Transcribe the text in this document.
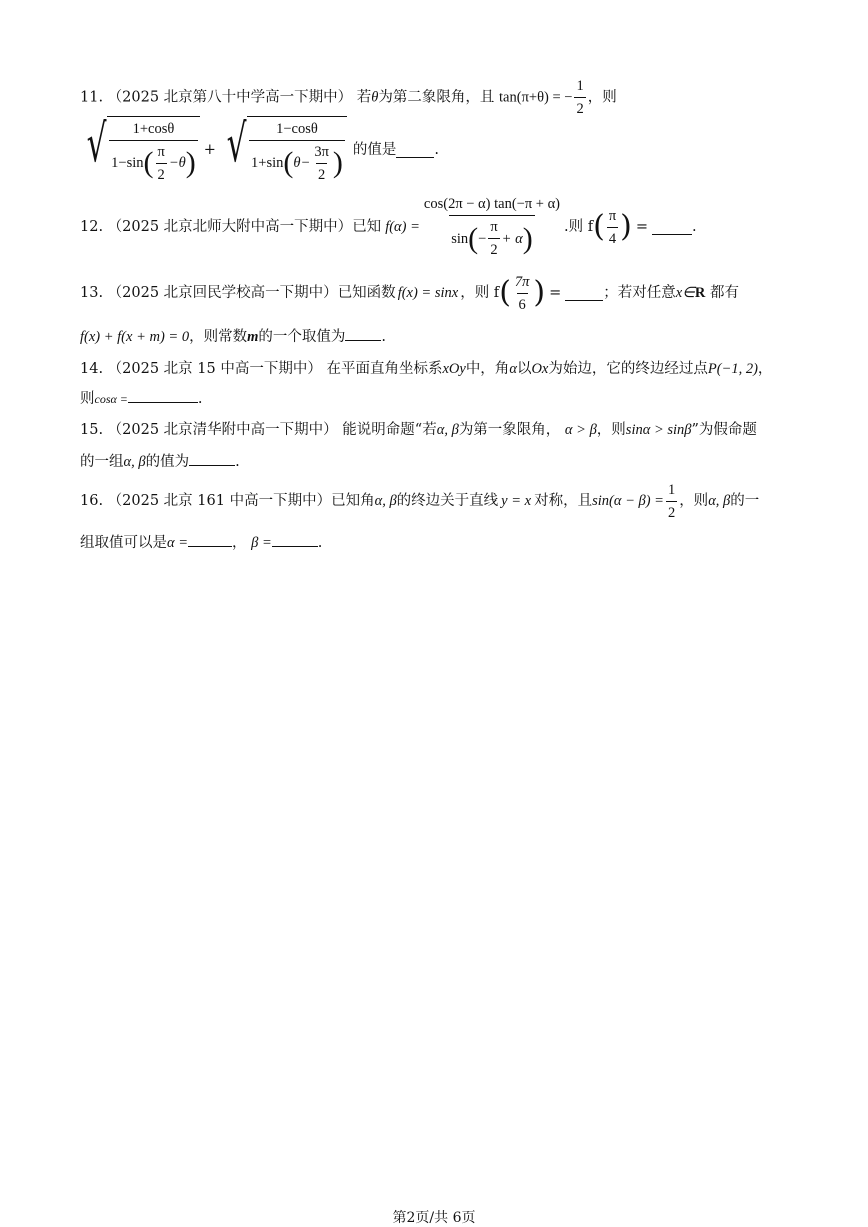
11. （2025 北京第八十中学高一下期中） 若θ为第二象限角，且 tan(π+θ) = − $\frac{1}{2}$ ，则
√ $\frac{1+\cos\theta}{1-\sin ( \frac{\pi}{2} -\theta )}$ + √ $\frac{1-\cos\theta}{1+\sin ( \theta- \frac{3\pi}{2} )}$ 的值是	.
12.
（2025 北京北师大附中高一下期中） 已知 $f(\alpha) = \frac{\cos(2\pi - \alpha) \tan(-\pi + \alpha)}{\sin ( - \frac{\pi}{2} + \alpha )}$ .则 f ( $\frac{\pi}{4}$ ) =	.
13.
（2025 北京回民学校高一下期中） 已知函数 f(x) = sinx ，则 f ( $\frac{7\pi}{6}$ ) =	；若对任意 x∈ R
都有
f(x) + f(x + m) = 0，则常数m的一个取值为 .
14. （2025 北京 15 中高一下期中） 在平面直角坐标系xOy中，角α以Ox为始边，它的终边经过点P(−1, 2)，
则cosα =	.
15. （2025 北京清华附中高一下期中） 能说明命题“若α, β为第一象限角， α > β，则sinα > sinβ”为假命题
的一组α, β的值为	.
16.
（2025 北京 161 中高一下期中） 已知角 α, β 的终边关于直线 y = x 对称，且 $\sin(\alpha - \beta) = \frac{1}{2}$ ，则 α, β 的一
组取值可以是α =	， β =	.
第2页/共 6页
